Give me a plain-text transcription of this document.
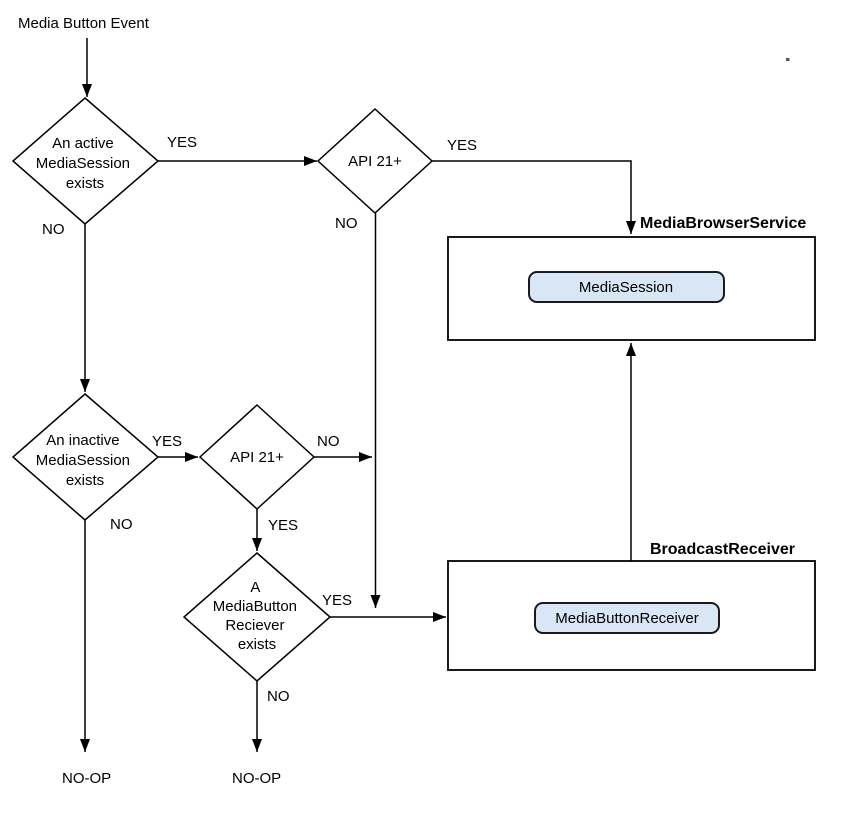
Media Button Event
An active MediaSession exists
API 21+
An inactive MediaSession exists
API 21+
A MediaButton Reciever exists
YES
NO
YES
NO
YES
NO
NO
YES
YES
NO
MediaBrowserService
MediaSession
BroadcastReceiver
MediaButtonReceiver
NO-OP	NO-OP
